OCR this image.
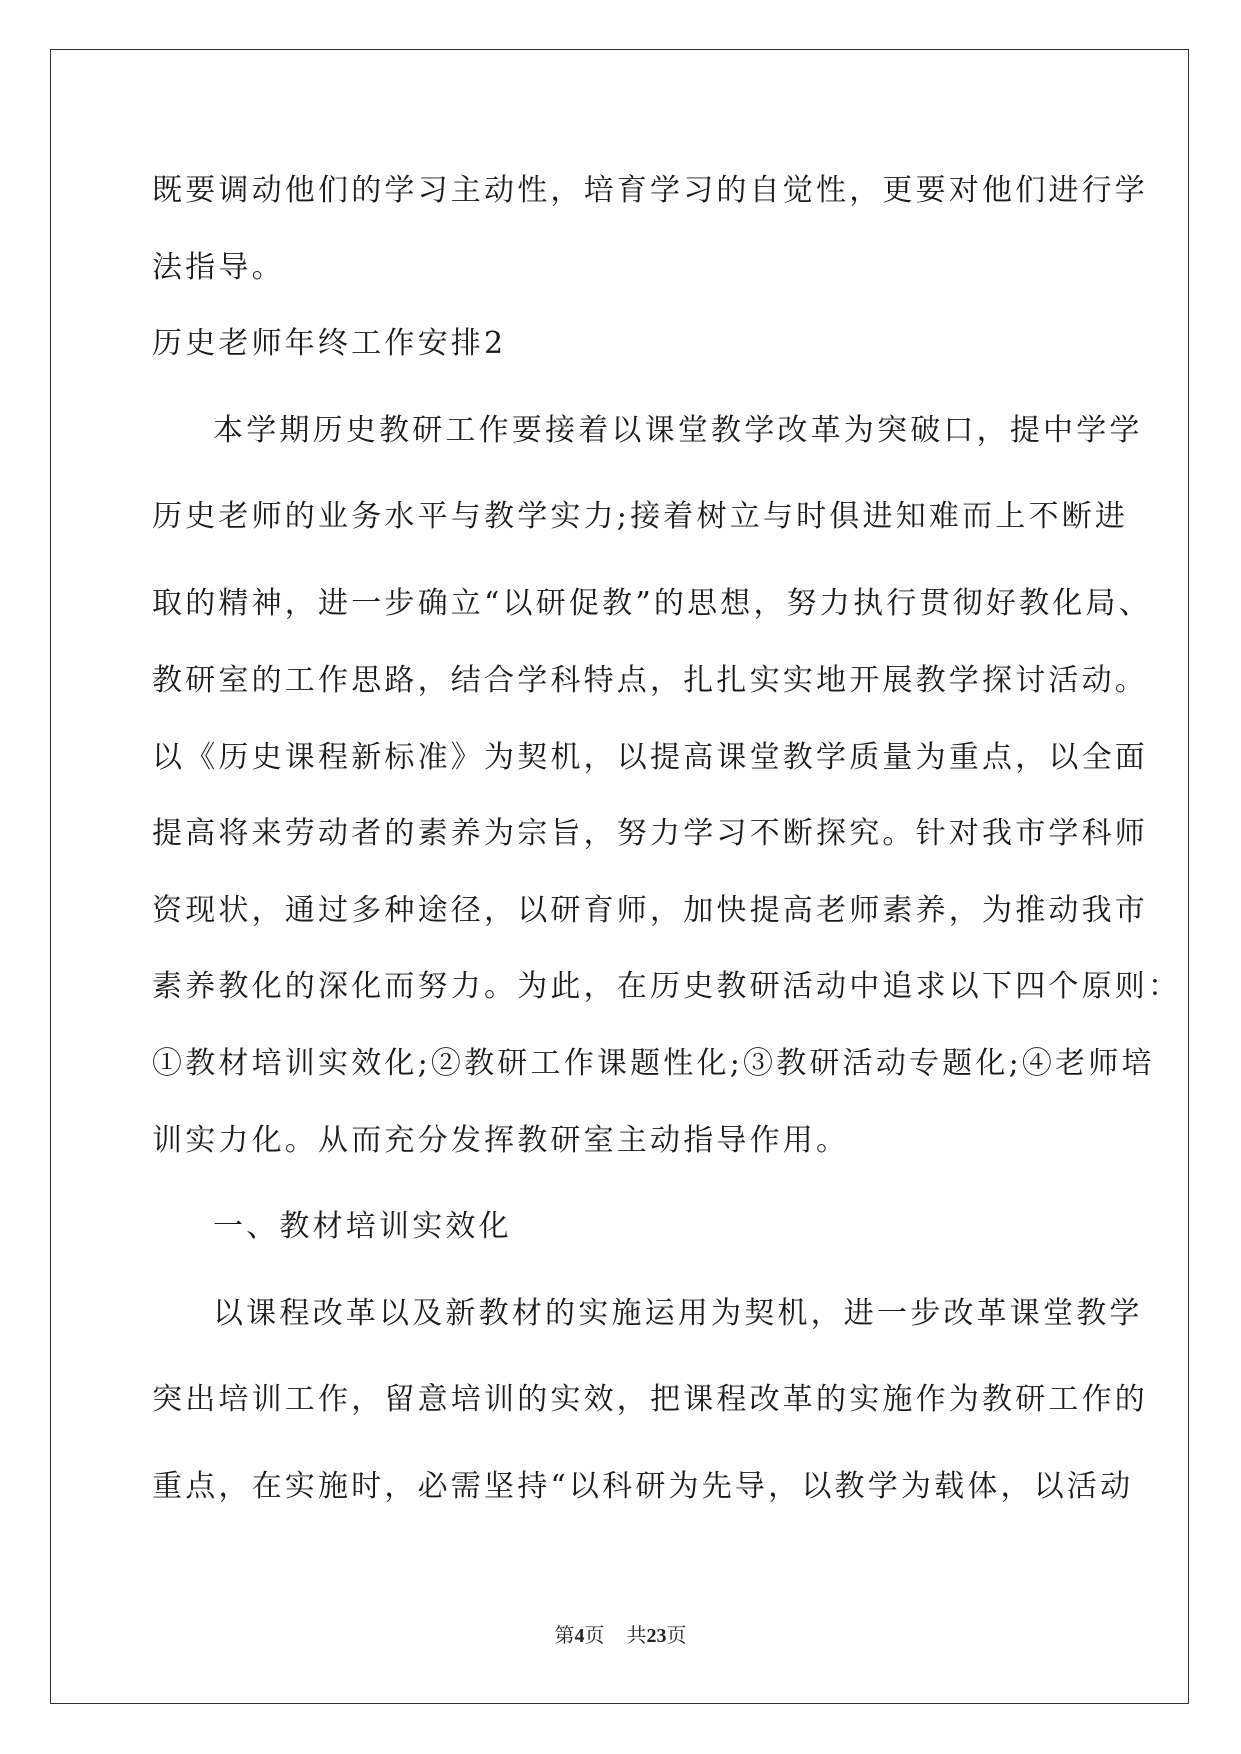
既要调动他们的学习主动性，培育学习的自觉性，更要对他们进行学
法指导。
历史老师年终工作安排2
本学期历史教研工作要接着以课堂教学改革为突破口，提中学学
历史老师的业务水平与教学实力;接着树立与时俱进知难而上不断进
取的精神，进一步确立“以研促教”的思想，努力执行贯彻好教化局、
教研室的工作思路，结合学科特点，扎扎实实地开展教学探讨活动。
以《历史课程新标准》为契机，以提高课堂教学质量为重点，以全面
提高将来劳动者的素养为宗旨，努力学习不断探究。针对我市学科师
资现状，通过多种途径，以研育师，加快提高老师素养，为推动我市
素养教化的深化而努力。为此，在历史教研活动中追求以下四个原则：
①教材培训实效化;②教研工作课题性化;③教研活动专题化;④老师培
训实力化。从而充分发挥教研室主动指导作用。
一、教材培训实效化
以课程改革以及新教材的实施运用为契机，进一步改革课堂教学
突出培训工作，留意培训的实效，把课程改革的实施作为教研工作的
重点，在实施时，必需坚持“以科研为先导，以教学为载体，以活动
第4页 共23页
